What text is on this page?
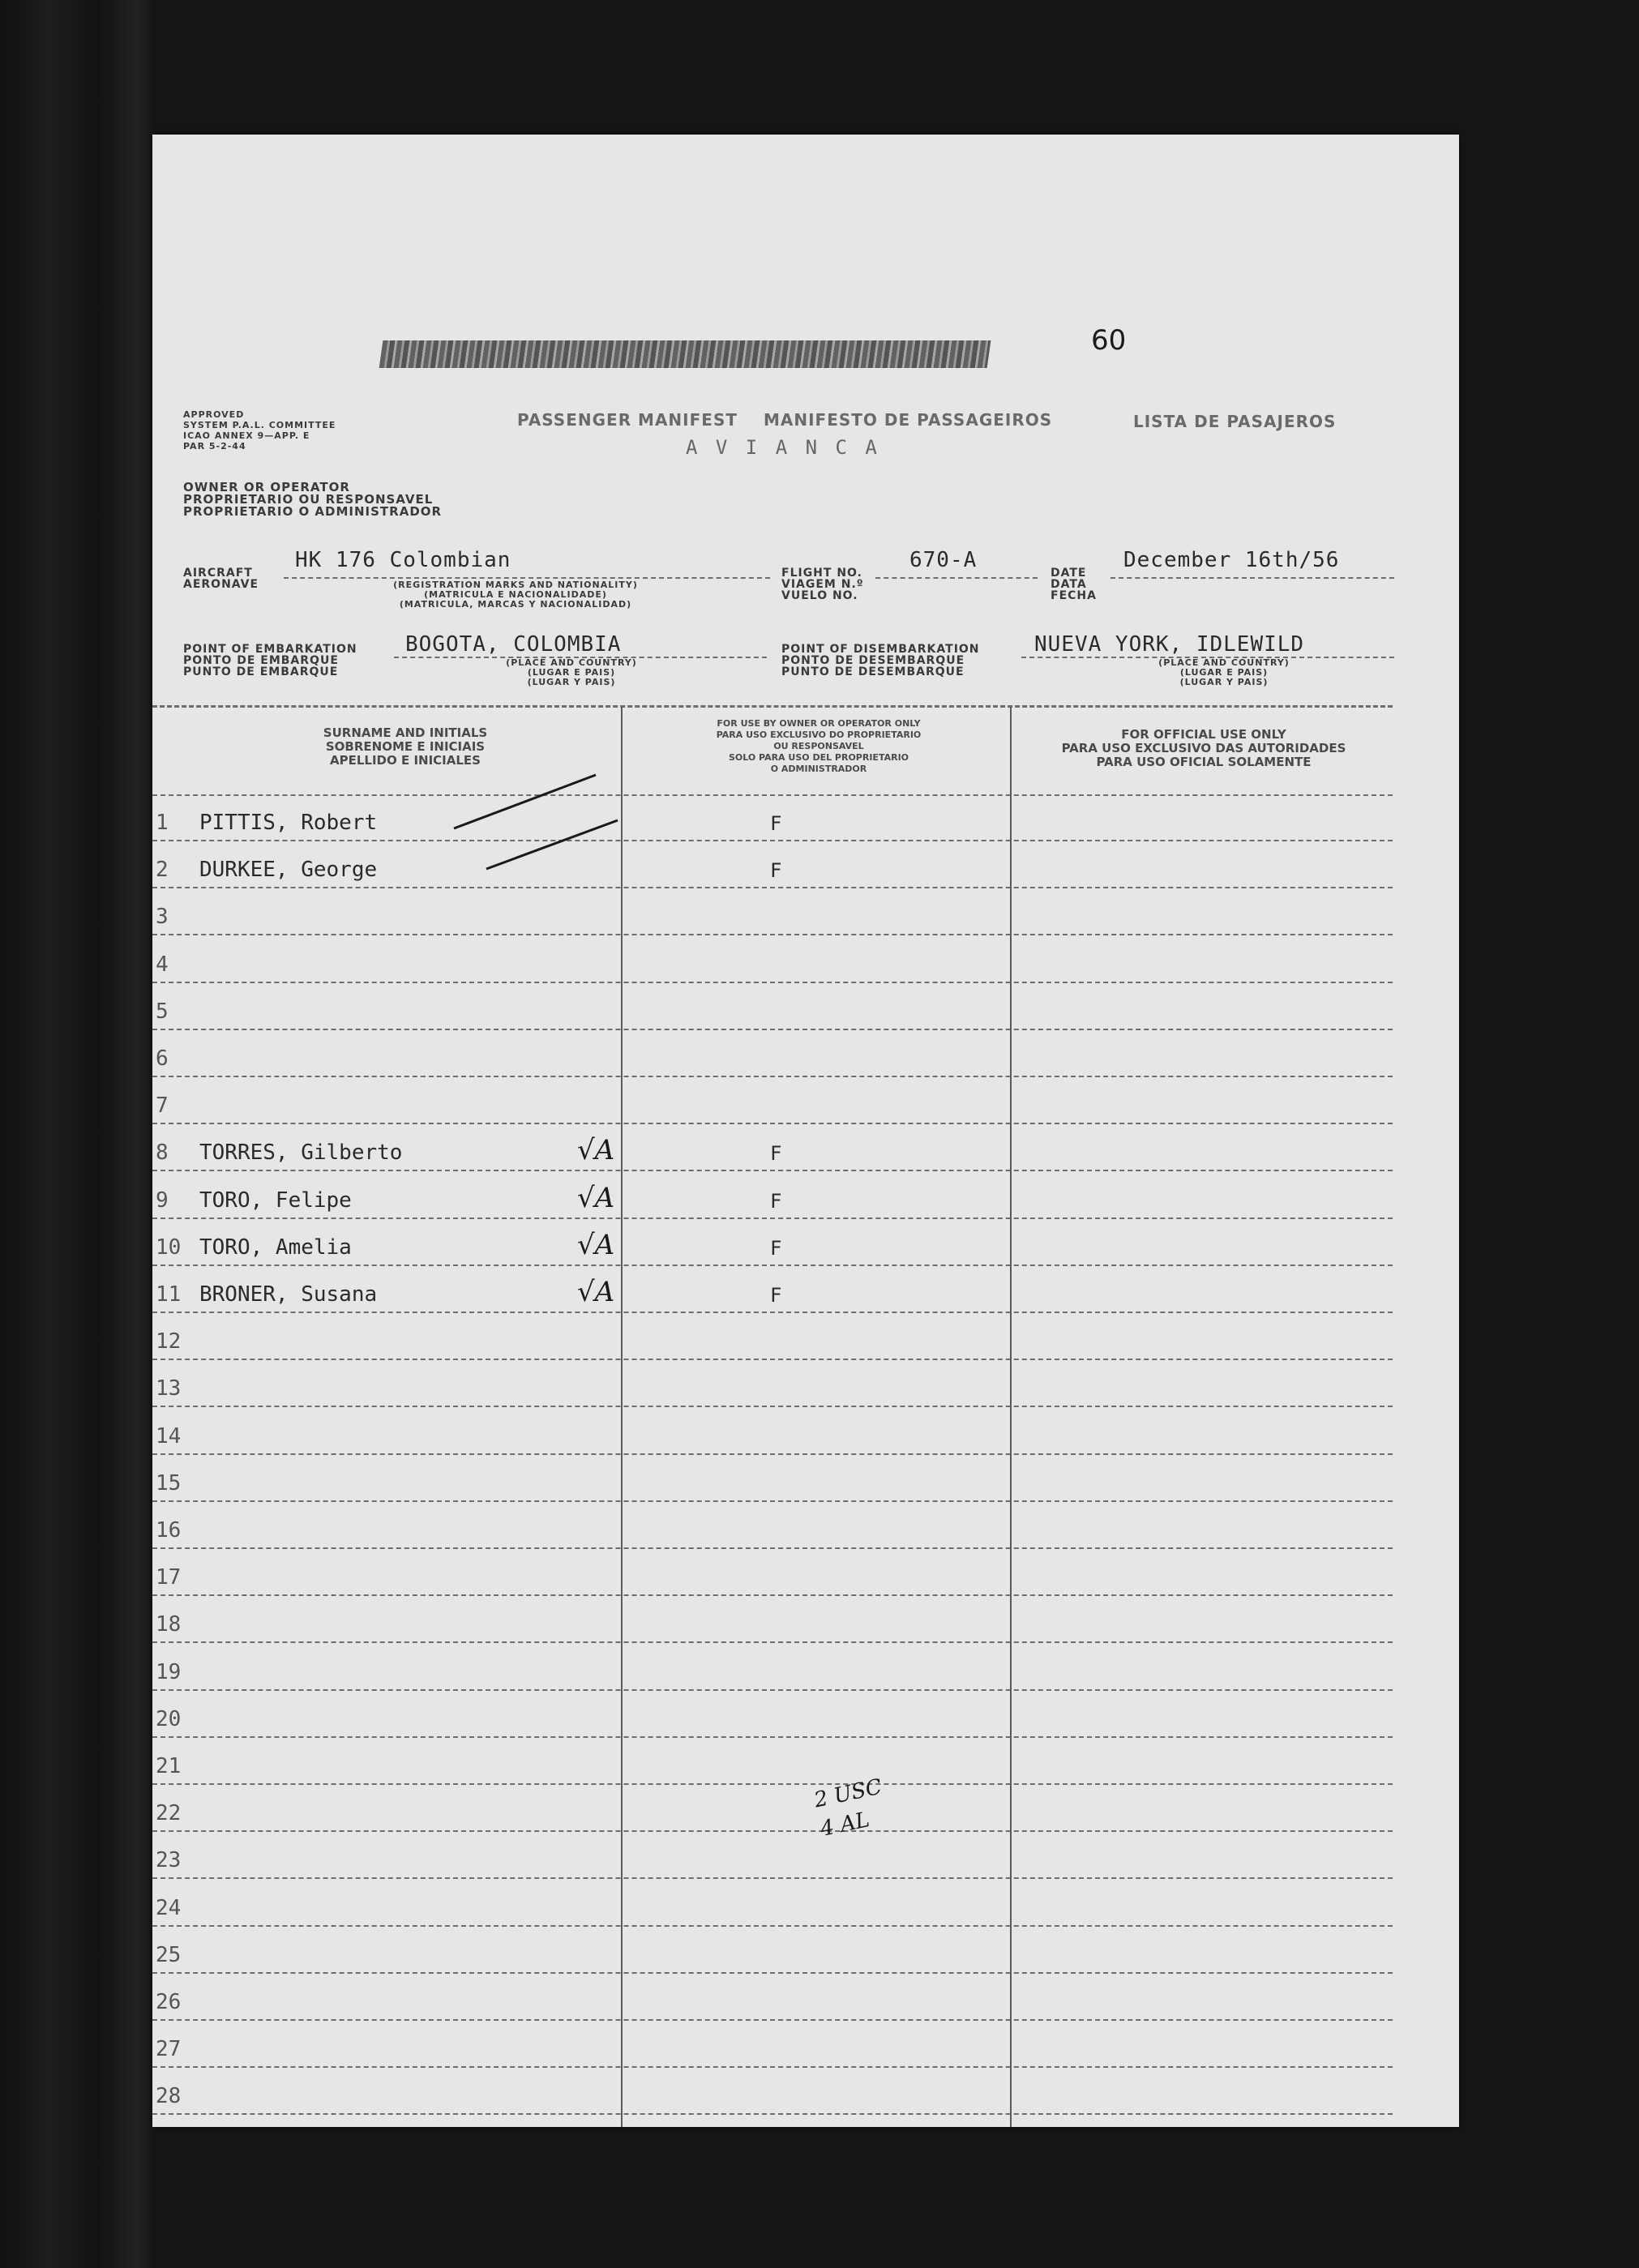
APPROVED
SYSTEM P.A.L. COMMITTEE
ICAO ANNEX 9—APP. E
PAR 5-2-44
PASSENGER MANIFEST MANIFESTO DE PASSAGEIROS	LISTA DE PASAJEROS
A V I A N C A
OWNER OR OPERATOR
PROPRIETARIO OU RESPONSAVEL
PROPRIETARIO O ADMINISTRADOR
60
AIRCRAFT
AERONAVE
HK 176 Colombian
(REGISTRATION MARKS AND NATIONALITY)
(MATRICULA E NACIONALIDADE)
(MATRICULA, MARCAS Y NACIONALIDAD)
FLIGHT NO.
VIAGEM N.º
VUELO NO.
670-A
DATE
DATA
FECHA
December 16th/56
POINT OF EMBARKATION
PONTO DE EMBARQUE
PUNTO DE EMBARQUE
BOGOTA, COLOMBIA
(PLACE AND COUNTRY)
(LUGAR E PAIS)
(LUGAR Y PAIS)
POINT OF DISEMBARKATION
PONTO DE DESEMBARQUE
PUNTO DE DESEMBARQUE
NUEVA YORK, IDLEWILD
(PLACE AND COUNTRY)
(LUGAR E PAIS)
(LUGAR Y PAIS)
SURNAME AND INITIALS
SOBRENOME E INICIAIS
APELLIDO E INICIALES
FOR USE BY OWNER OR OPERATOR ONLY
PARA USO EXCLUSIVO DO PROPRIETARIO
OU RESPONSAVEL
SOLO PARA USO DEL PROPRIETARIO
O ADMINISTRADOR
FOR OFFICIAL USE ONLY
PARA USO EXCLUSIVO DAS AUTORIDADES
PARA USO OFICIAL SOLAMENTE
1	PITTIS, Robert	F
2	DURKEE, George	F
3
4
5
6
7
8	TORRES, Gilberto	√A	F
9	TORO, Felipe	√A	F
10 TORO, Amelia	√A	F
11 BRONER, Susana	√A	F
12
13
14
15
16
17
18
19
20
21
22
23
24
25
26
27
28
2 USC
4 AL
